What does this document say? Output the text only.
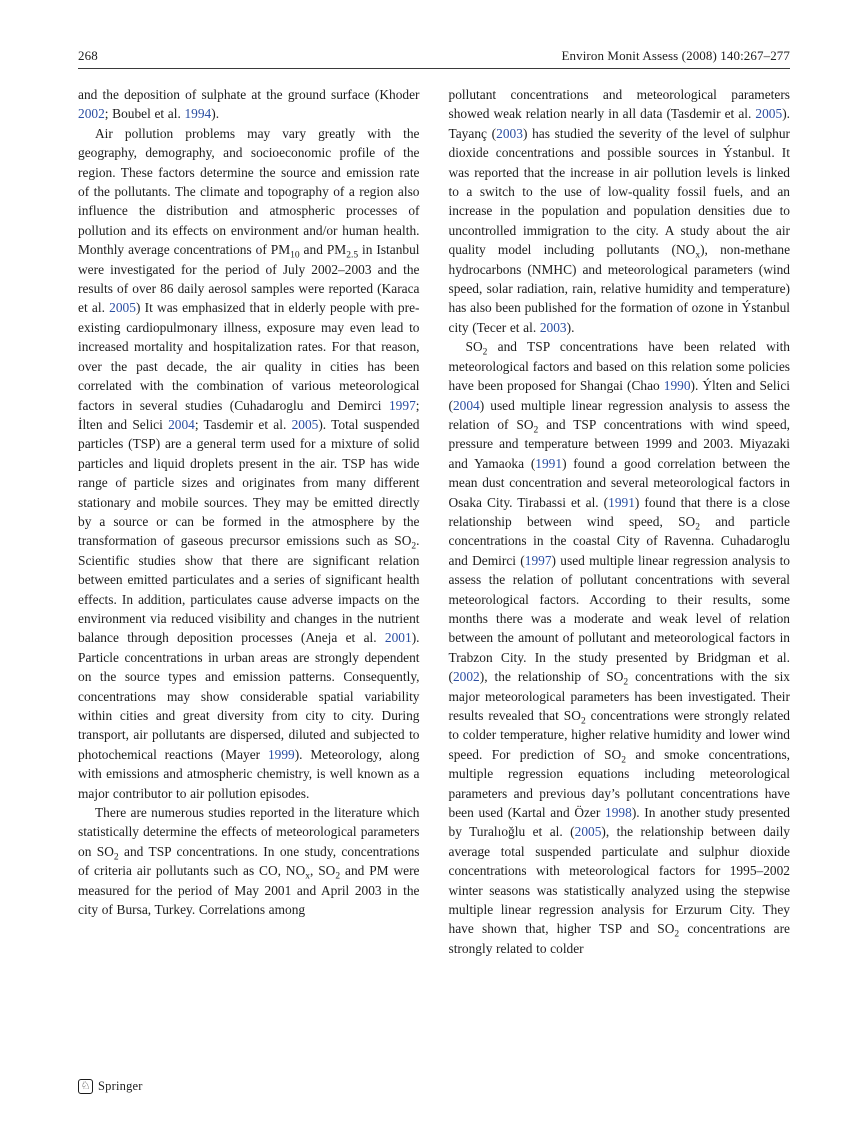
268	Environ Monit Assess (2008) 140:267–277

and the deposition of sulphate at the ground surface (Khoder 2002; Boubel et al. 1994).

Air pollution problems may vary greatly with the geography, demography, and socioeconomic profile of the region. These factors determine the source and emission rate of the pollutants. The climate and topography of a region also influence the distribution and atmospheric processes of pollution and its effects on environment and/or human health. Monthly average concentrations of $PM_{10}$ and $PM_{2.5}$ in Istanbul were investigated for the period of July 2002–2003 and the results of over 86 daily aerosol samples were reported (Karaca et al. 2005) It was emphasized that in elderly people with pre-existing cardiopulmonary illness, exposure may even lead to increased mortality and hospitalization rates. For that reason, over the past decade, the air quality in cities has been correlated with the combination of various meteorological factors in several studies (Cuhadaroglu and Demirci 1997; İlten and Selici 2004; Tasdemir et al. 2005). Total suspended particles (TSP) are a general term used for a mixture of solid particles and liquid droplets present in the air. TSP has wide range of particle sizes and originates from many different stationary and mobile sources. They may be emitted directly by a source or can be formed in the atmosphere by the transformation of gaseous precursor emissions such as $SO_2$. Scientific studies show that there are significant relation between emitted particulates and a series of significant health effects. In addition, particulates cause adverse impacts on the environment via reduced visibility and changes in the nutrient balance through deposition processes (Aneja et al. 2001). Particle concentrations in urban areas are strongly dependent on the source types and emission patterns. Consequently, concentrations may show considerable spatial variability within cities and great diversity from city to city. During transport, air pollutants are dispersed, diluted and subjected to photochemical reactions (Mayer 1999). Meteorology, along with emissions and atmospheric chemistry, is well known as a major contributor to air pollution episodes.

There are numerous studies reported in the literature which statistically determine the effects of meteorological parameters on $SO_2$ and TSP concentrations. In one study, concentrations of criteria air pollutants such as CO, $NO_x$, $SO_2$ and PM were measured for the period of May 2001 and April 2003 in the city of Bursa, Turkey. Correlations among

pollutant concentrations and meteorological parameters showed weak relation nearly in all data (Tasdemir et al. 2005). Tayanç (2003) has studied the severity of the level of sulphur dioxide concentrations and possible sources in Ýstanbul. It was reported that the increase in air pollution levels is linked to a switch to the use of low-quality fossil fuels, and an increase in the population and population densities due to uncontrolled immigration to the city. A study about the air quality model including pollutants $(NO_x)$, non-methane hydrocarbons (NMHC) and meteorological parameters (wind speed, solar radiation, rain, relative humidity and temperature) has also been published for the formation of ozone in Ýstanbul city (Tecer et al. 2003).

$SO_2$ and TSP concentrations have been related with meteorological factors and based on this relation some policies have been proposed for Shangai (Chao 1990). Ýlten and Selici (2004) used multiple linear regression analysis to assess the relation of $SO_2$ and TSP concentrations with wind speed, pressure and temperature between 1999 and 2003. Miyazaki and Yamaoka (1991) found a good correlation between the mean dust concentration and several meteorological factors in Osaka City. Tirabassi et al. (1991) found that there is a close relationship between wind speed, $SO_2$ and particle concentrations in the coastal City of Ravenna. Cuhadaroglu and Demirci (1997) used multiple linear regression analysis to assess the relation of pollutant concentrations with several meteorological factors. According to their results, some months there was a moderate and weak level of relation between the amount of pollutant and meteorological factors in Trabzon City. In the study presented by Bridgman et al. (2002), the relationship of $SO_2$ concentrations with the six major meteorological parameters has been investigated. Their results revealed that $SO_2$ concentrations were strongly related to colder temperature, higher relative humidity and lower wind speed. For prediction of $SO_2$ and smoke concentrations, multiple regression equations including meteorological parameters and previous day’s pollutant concentrations have been used (Kartal and Özer 1998). In another study presented by Turalıoğlu et al. (2005), the relationship between daily average total suspended particulate and sulphur dioxide concentrations with meteorological factors for 1995–2002 winter seasons was statistically analyzed using the stepwise multiple linear regression analysis for Erzurum City. They have shown that, higher TSP and $SO_2$ concentrations are strongly related to colder

♘ Springer
